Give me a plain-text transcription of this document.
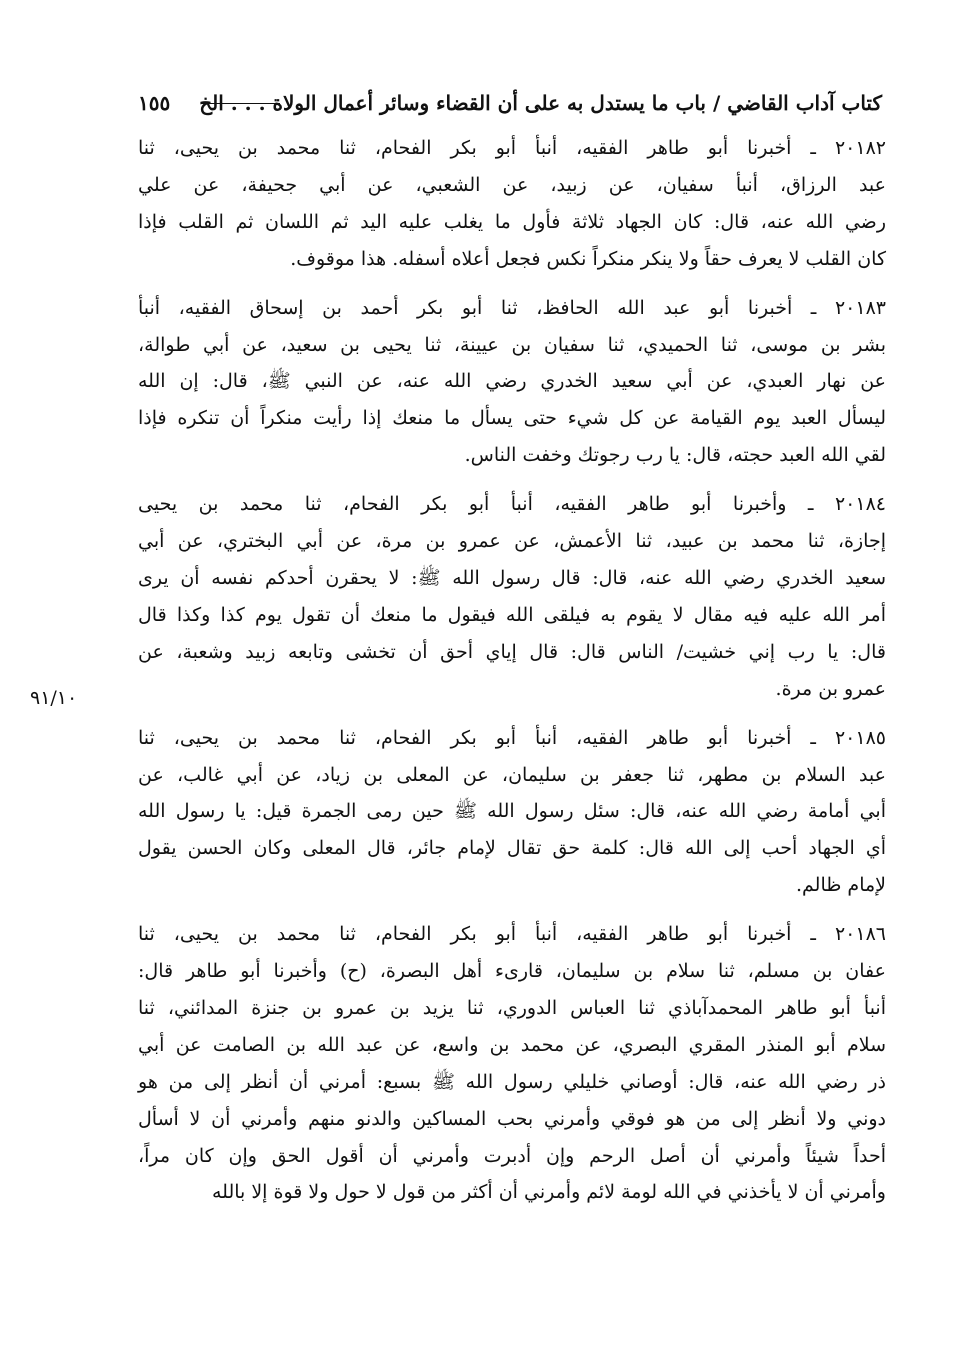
كتاب آداب القاضي / باب ما يستدل به على أن القضاء وسائر أعمال الولاة . . . الخ
١٥٥

٢٠١٨٢ ـ أخبرنا أبو طاهر الفقيه، أنبأ أبو بكر الفحام، ثنا محمد بن يحيى، ثنا
عبد الرزاق، أنبأ سفيان، عن زبيد، عن الشعبي، عن أبي جحيفة، عن علي
رضي الله عنه، قال: كان الجهاد ثلاثة فأول ما يغلب عليه اليد ثم اللسان ثم القلب فإذا
كان القلب لا يعرف حقاً ولا ينكر منكراً نكس فجعل أعلاه أسفله. هذا موقوف.

٢٠١٨٣ ـ أخبرنا أبو عبد الله الحافظ، ثنا أبو بكر أحمد بن إسحاق الفقيه، أنبأ
بشر بن موسى، ثنا الحميدي، ثنا سفيان بن عيينة، ثنا يحيى بن سعيد، عن أبي طوالة،
عن نهار العبدي، عن أبي سعيد الخدري رضي الله عنه، عن النبي ﷺ، قال: إن الله
ليسأل العبد يوم القيامة عن كل شيء حتى يسأل ما منعك إذا رأيت منكراً أن تنكره فإذا
لقي الله العبد حجته، قال: يا رب رجوتك وخفت الناس.

٢٠١٨٤ ـ وأخبرنا أبو طاهر الفقيه، أنبأ أبو بكر الفحام، ثنا محمد بن يحيى
إجازة، ثنا محمد بن عبيد، ثنا الأعمش، عن عمرو بن مرة، عن أبي البختري، عن أبي
سعيد الخدري رضي الله عنه، قال: قال رسول الله ﷺ: لا يحقرن أحدكم نفسه أن يرى
أمر الله عليه فيه مقال لا يقوم به فيلقى الله فيقول ما منعك أن تقول يوم كذا وكذا قال
قال: يا رب إني خشيت/ الناس قال: قال إياي أحق أن تخشى وتابعه زبيد وشعبة، عن
عمرو بن مرة.

٢٠١٨٥ ـ أخبرنا أبو طاهر الفقيه، أنبأ أبو بكر الفحام، ثنا محمد بن يحيى، ثنا
عبد السلام بن مطهر، ثنا جعفر بن سليمان، عن المعلى بن زياد، عن أبي غالب، عن
أبي أمامة رضي الله عنه، قال: سئل رسول الله ﷺ حين رمى الجمرة قيل: يا رسول الله
أي الجهاد أحب إلى الله قال: كلمة حق تقال لإمام جائر، قال المعلى وكان الحسن يقول
لإمام ظالم.

٢٠١٨٦ ـ أخبرنا أبو طاهر الفقيه، أنبأ أبو بكر الفحام، ثنا محمد بن يحيى، ثنا
عفان بن مسلم، ثنا سلام بن سليمان، قارىء أهل البصرة، (ح) وأخبرنا أبو طاهر قال:
أنبأ أبو طاهر المحمدآباذي ثنا العباس الدوري، ثنا يزيد بن عمرو بن جنزة المدائني، ثنا
سلام أبو المنذر المقري البصري، عن محمد بن واسع، عن عبد الله بن الصامت عن أبي
ذر رضي الله عنه، قال: أوصاني خليلي رسول الله ﷺ بسبع: أمرني أن أنظر إلى من هو
دوني ولا أنظر إلى من هو فوقي وأمرني بحب المساكين والدنو منهم وأمرني أن لا أسأل
أحداً شيئاً وأمرني أن أصل الرحم وإن أدبرت وأمرني أن أقول الحق وإن كان مراً،
وأمرني أن لا يأخذني في الله لومة لائم وأمرني أن أكثر من قول لا حول ولا قوة إلا بالله

٩١/١٠
